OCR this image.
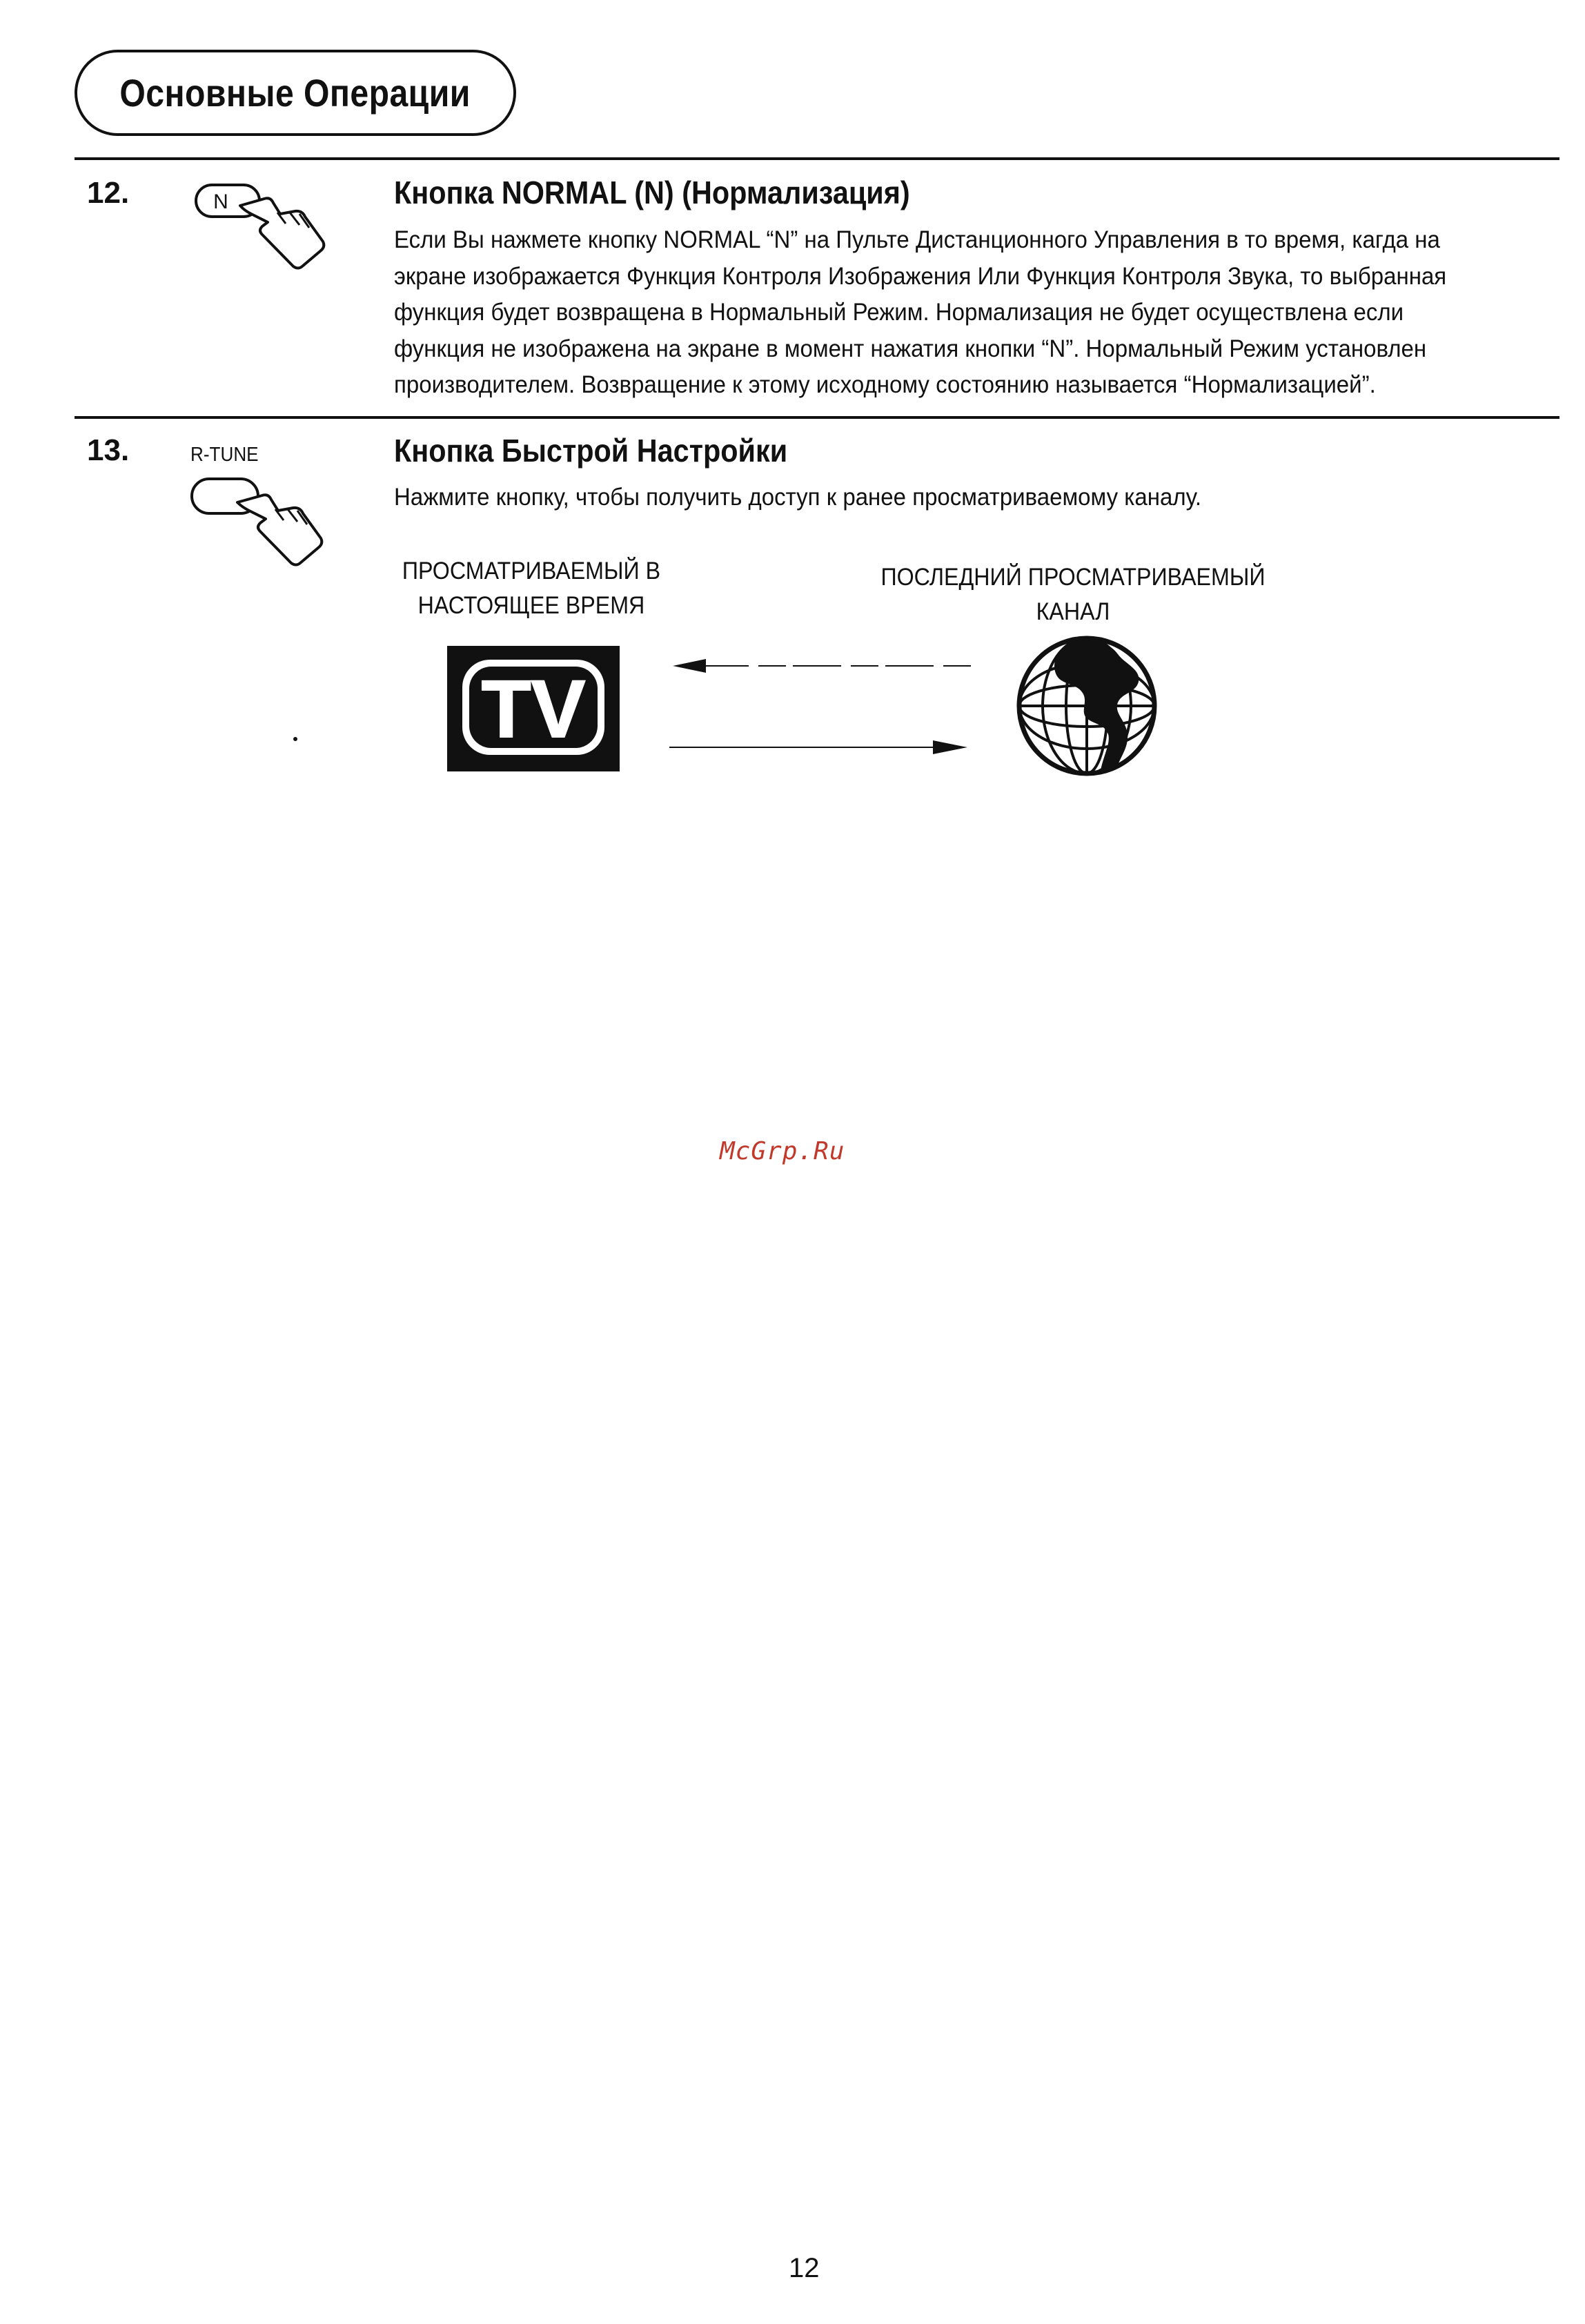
Основные Операции
12.	N	Кнопка NORMAL (N) (Нормализация)

Если Вы нажмете кнопку NORMAL “N” на Пульте Дистанционного Управления в то время, кагда на

экране изображается Функция Контроля Изображения Или Функция Контроля Звука, то выбранная

функция будет возвращена в Нормальный Режим. Нормализация не будет осуществлена если

функция не изображена на экране в момент нажатия кнопки “N”. Нормальный Режим установлен

производителем. Возвращение к этому исходному состоянию называется “Нормализацией”.

13.	R-TUNE	Кнопка Быстрой Настройки

Нажмите кнопку, чтобы получить доступ к ранее просматриваемому каналу.

ПРОСМАТРИВАЕМЫЙ В

НАСТОЯЩЕЕ ВРЕМЯ

ПОСЛЕДНИЙ ПРОСМАТРИВАЕМЫЙ

КАНАЛ

TV
McGrp.Ru
12
